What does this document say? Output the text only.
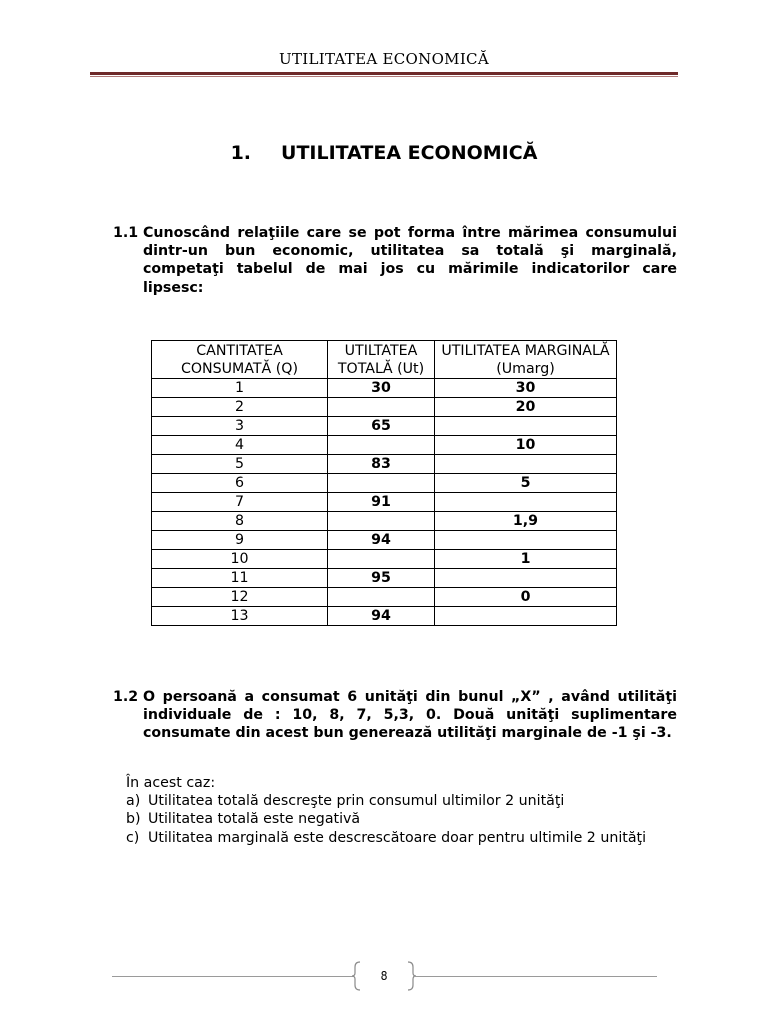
UTILITATEA ECONOMICĂ
1. UTILITATEA ECONOMICĂ
1.1 Cunoscând relaţiile care se pot forma între mărimea consumului dintr-un bun economic, utilitatea sa totală şi marginală, competaţi tabelul de mai jos cu mărimile indicatorilor care lipsesc:
CANTITATEA CONSUMATĂ (Q)	UTILTATEA TOTALĂ (Ut)	UTILITATEA MARGINALĂ (Umarg)
1	30	30
2		20
3	65	
4		10
5	83	
6		5
7	91	
8		1,9
9	94	
10		1
11	95	
12		0
13	94	
1.2 O persoană a consumat 6 unităţi din bunul „X” , având utilităţi individuale de : 10, 8, 7, 5,3, 0. Două unităţi suplimentare consumate din acest bun generează utilităţi marginale de -1 şi -3.
În acest caz:
a) Utilitatea totală descreşte prin consumul ultimilor 2 unităţi
b) Utilitatea totală este negativă
c) Utilitatea marginală este descrescătoare doar pentru ultimile 2 unităţi
8
